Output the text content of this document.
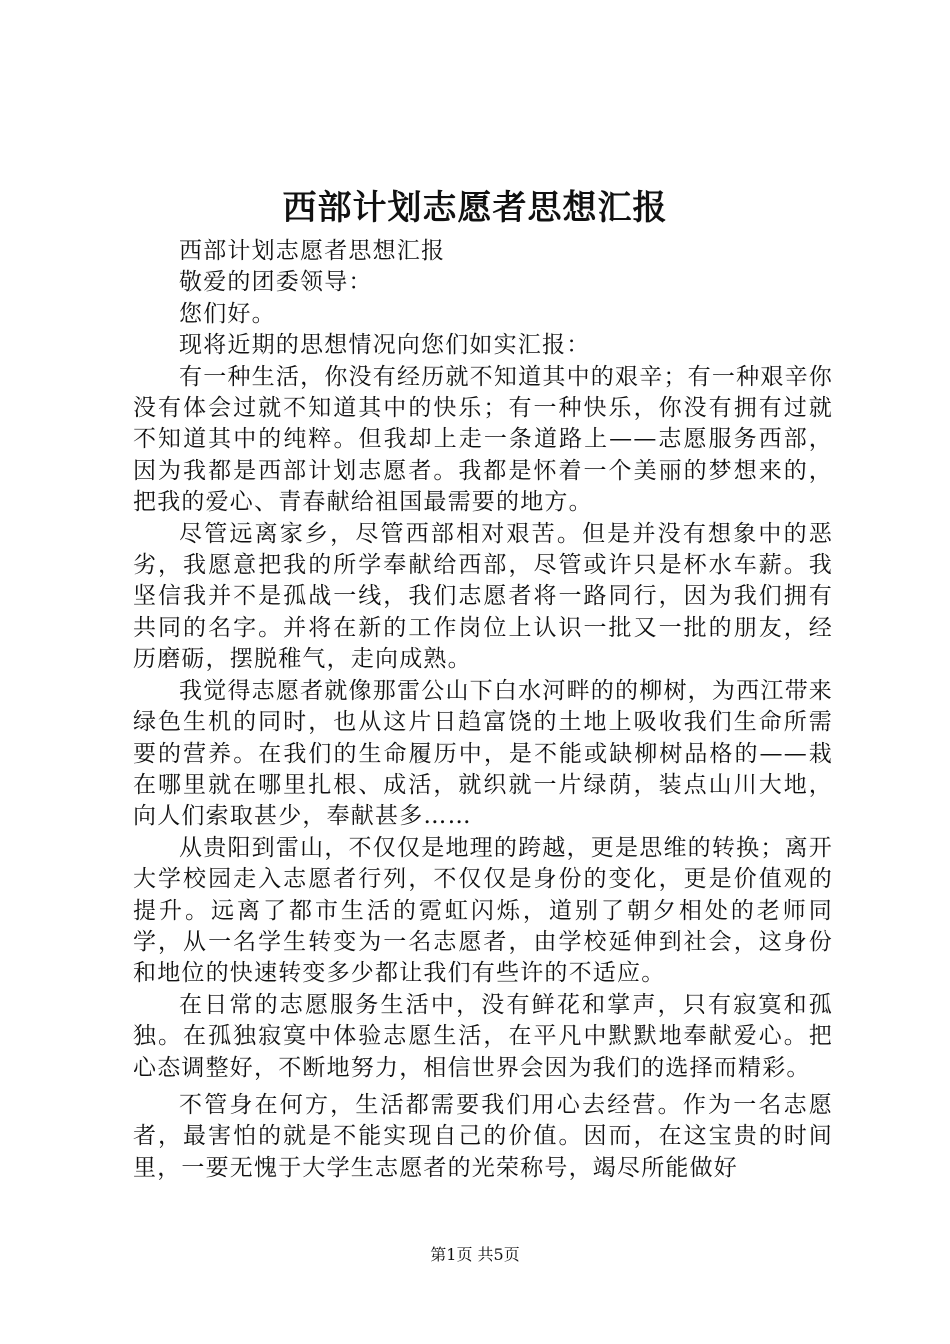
西部计划志愿者思想汇报

西部计划志愿者思想汇报

敬爱的团委领导：

您们好。

现将近期的思想情况向您们如实汇报：

有一种生活，你没有经历就不知道其中的艰辛；有一种艰辛你没有体会过就不知道其中的快乐；有一种快乐，你没有拥有过就不知道其中的纯粹。但我却上走一条道路上——志愿服务西部，因为我都是西部计划志愿者。我都是怀着一个美丽的梦想来的，把我的爱心、青春献给祖国最需要的地方。

尽管远离家乡，尽管西部相对艰苦。但是并没有想象中的恶劣，我愿意把我的所学奉献给西部，尽管或许只是杯水车薪。我坚信我并不是孤战一线，我们志愿者将一路同行，因为我们拥有共同的名字。并将在新的工作岗位上认识一批又一批的朋友，经历磨砺，摆脱稚气，走向成熟。

我觉得志愿者就像那雷公山下白水河畔的的柳树，为西江带来绿色生机的同时，也从这片日趋富饶的土地上吸收我们生命所需要的营养。在我们的生命履历中，是不能或缺柳树品格的——栽在哪里就在哪里扎根、成活，就织就一片绿荫，装点山川大地，向人们索取甚少，奉献甚多……

从贵阳到雷山，不仅仅是地理的跨越，更是思维的转换；离开大学校园走入志愿者行列，不仅仅是身份的变化，更是价值观的提升。远离了都市生活的霓虹闪烁，道别了朝夕相处的老师同学，从一名学生转变为一名志愿者，由学校延伸到社会，这身份和地位的快速转变多少都让我们有些许的不适应。

在日常的志愿服务生活中，没有鲜花和掌声，只有寂寞和孤独。在孤独寂寞中体验志愿生活，在平凡中默默地奉献爱心。把心态调整好，不断地努力，相信世界会因为我们的选择而精彩。

不管身在何方，生活都需要我们用心去经营。作为一名志愿者，最害怕的就是不能实现自己的价值。因而，在这宝贵的时间里，一要无愧于大学生志愿者的光荣称号，竭尽所能做好

第1页 共5页
